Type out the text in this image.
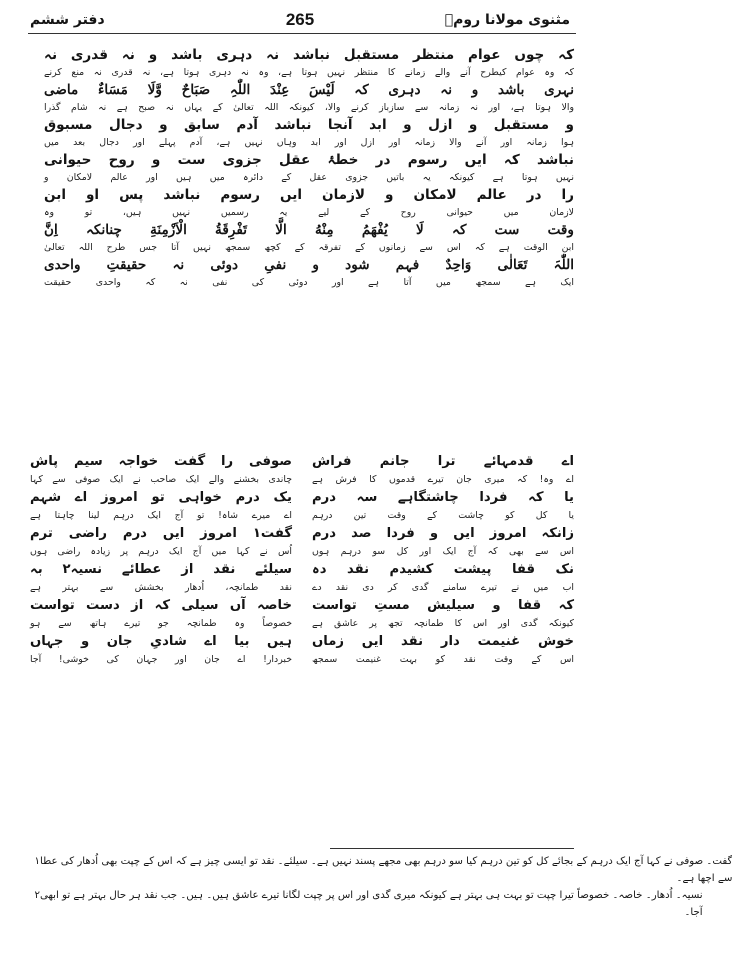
مثنوی مولانا رومؒ
265
دفتر ششم
کہ چوں عوام منتظر مستقبل نباشد نہ دہری باشد و نہ قدری نہ
کہ وہ عوام کیطرح آنے والے زمانے کا منتظر نہیں ہوتا ہے، وہ نہ دہری ہوتا ہے، نہ قدری نہ منع کرنے
نہری باشد و نہ دہری کہ لَیْسَ عِنْدَ اللّٰہِ صَبَاحٌ وَّلَا مَسَاءٌ ماضی
والا ہوتا ہے، اور نہ زمانہ سے سازباز کرنے والا، کیونکہ اللہ تعالیٰ کے یہاں نہ صبح ہے نہ شام گذرا
و مستقبل و ازل و ابد آنجا نباشد آدم سابق و دجال مسبوق
ہوا زمانہ اور آنے والا زمانہ اور ازل اور ابد وہاں نہیں ہے، آدم پہلے اور دجال بعد میں
نباشد کہ ایں رسوم در خطۂ عقل جزوی ست و روح حیوانی
نہیں ہوتا ہے کیونکہ یہ باتیں جزوی عقل کے دائرہ میں ہیں اور عالم لامکان و
را در عالم لامکان و لازمان ایں رسوم نباشد پس او ابن
لازمان میں حیوانی روح کے لیے یہ رسمیں نہیں ہیں، تو وہ
وقت ست کہ لَا یُفْهَمُ مِنْهُ الَّا تَفْرِقَةُ الْاَزْمِنَةِ چنانکہ اِنَّ
ابن الوقت ہے کہ اس سے زمانوں کے تفرقہ کے کچھ سمجھ نہیں آتا جس طرح اللہ تعالیٰ
اللّٰہَ تَعَالٰی وَاحِدٌ فہم شود و نفیِ دوئی نہ حقیقتِ واحدی
ایک ہے سمجھ میں آتا ہے اور دوئی کی نفی نہ کہ واحدی حقیقت
صوفی را گفت خواجہ سیم پاش
چاندی بخشنے والے ایک صاحب نے ایک صوفی سے کہا
اے قدمہائے ترا جانم فراش
اے وہ! کہ میری جان تیرے قدموں کا فرش ہے
یک درم خواہی تو امروز اے شہم
اے میرے شاہ! تو آج ایک درہم لینا چاہتا ہے
یا کہ فردا چاشتگاہے سہ درم
یا کل کو چاشت کے وقت تین درہم
گفت۱ امروز ایں درم راضی ترم
اُس نے کہا میں آج ایک درہم پر زیادہ راضی ہوں
زانکہ امروز ایں و فردا صد درم
اس سے بھی کہ آج ایک اور کل سو درہم ہوں
سیلئے نقد از عطائے نسیہ۲ بہ
نقد طمانچہ، اُدھار بخشش سے بہتر ہے
نک قفا پیشت کشیدم نقد دہ
اب میں نے تیرے سامنے گدی کر دی نقد دے
خاصہ آں سیلی کہ از دست تواست
خصوصاً وہ طمانچہ جو تیرے ہاتھ سے ہو
کہ قفا و سیلیش مستِ تواست
کیونکہ گدی اور اس کا طمانچہ تجھ پر عاشق ہے
ہیں بیا اے شادیِ جان و جہاں
خبردار! اے جان اور جہان کی خوشی! آجا
خوش غنیمت دار نقد ایں زماں
اس کے وقت نقد کو بہت غنیمت سمجھ
۱ گفت۔ صوفی نے کہا آج ایک درہم کے بجائے کل کو تین درہم کیا سو درہم بھی مجھے پسند نہیں ہے۔ سیلئے۔ نقد تو ایسی چیز ہے کہ اس کے چپت بھی اُدھار کی عطا
سے اچھا ہے۔
۲ نسیہ۔ اُدھار۔ خاصہ۔ خصوصاً تیرا چپت تو بہت ہی بہتر ہے کیونکہ میری گدی اور اس پر چپت لگانا تیرے عاشق ہیں۔ ہیں۔ جب نقد ہر حال بہتر ہے تو ابھی
آجا۔
